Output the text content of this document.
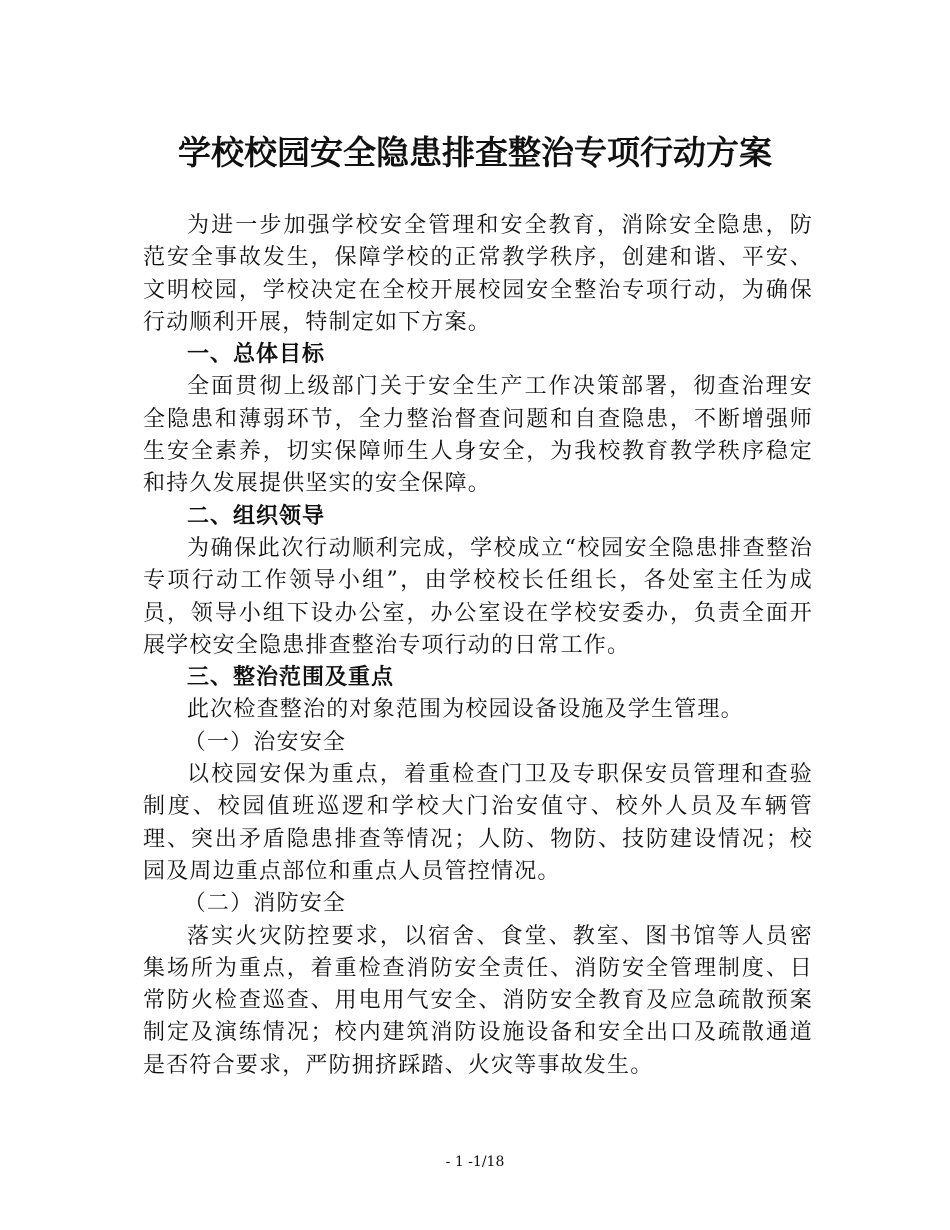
学校校园安全隐患排查整治专项行动方案

为进一步加强学校安全管理和安全教育，消除安全隐患，防范安全事故发生，保障学校的正常教学秩序，创建和谐、平安、文明校园，学校决定在全校开展校园安全整治专项行动，为确保行动顺利开展，特制定如下方案。

一、总体目标

全面贯彻上级部门关于安全生产工作决策部署，彻查治理安全隐患和薄弱环节，全力整治督查问题和自查隐患，不断增强师生安全素养，切实保障师生人身安全，为我校教育教学秩序稳定和持久发展提供坚实的安全保障。

二、组织领导

为确保此次行动顺利完成，学校成立“校园安全隐患排查整治专项行动工作领导小组”，由学校校长任组长，各处室主任为成员，领导小组下设办公室，办公室设在学校安委办，负责全面开展学校安全隐患排查整治专项行动的日常工作。

三、整治范围及重点

此次检查整治的对象范围为校园设备设施及学生管理。

（一）治安安全

以校园安保为重点，着重检查门卫及专职保安员管理和查验制度、校园值班巡逻和学校大门治安值守、校外人员及车辆管理、突出矛盾隐患排查等情况；人防、物防、技防建设情况；校园及周边重点部位和重点人员管控情况。

（二）消防安全

落实火灾防控要求，以宿舍、食堂、教室、图书馆等人员密集场所为重点，着重检查消防安全责任、消防安全管理制度、日常防火检查巡查、用电用气安全、消防安全教育及应急疏散预案制定及演练情况；校内建筑消防设施设备和安全出口及疏散通道是否符合要求，严防拥挤踩踏、火灾等事故发生。

- 1 -1/18
